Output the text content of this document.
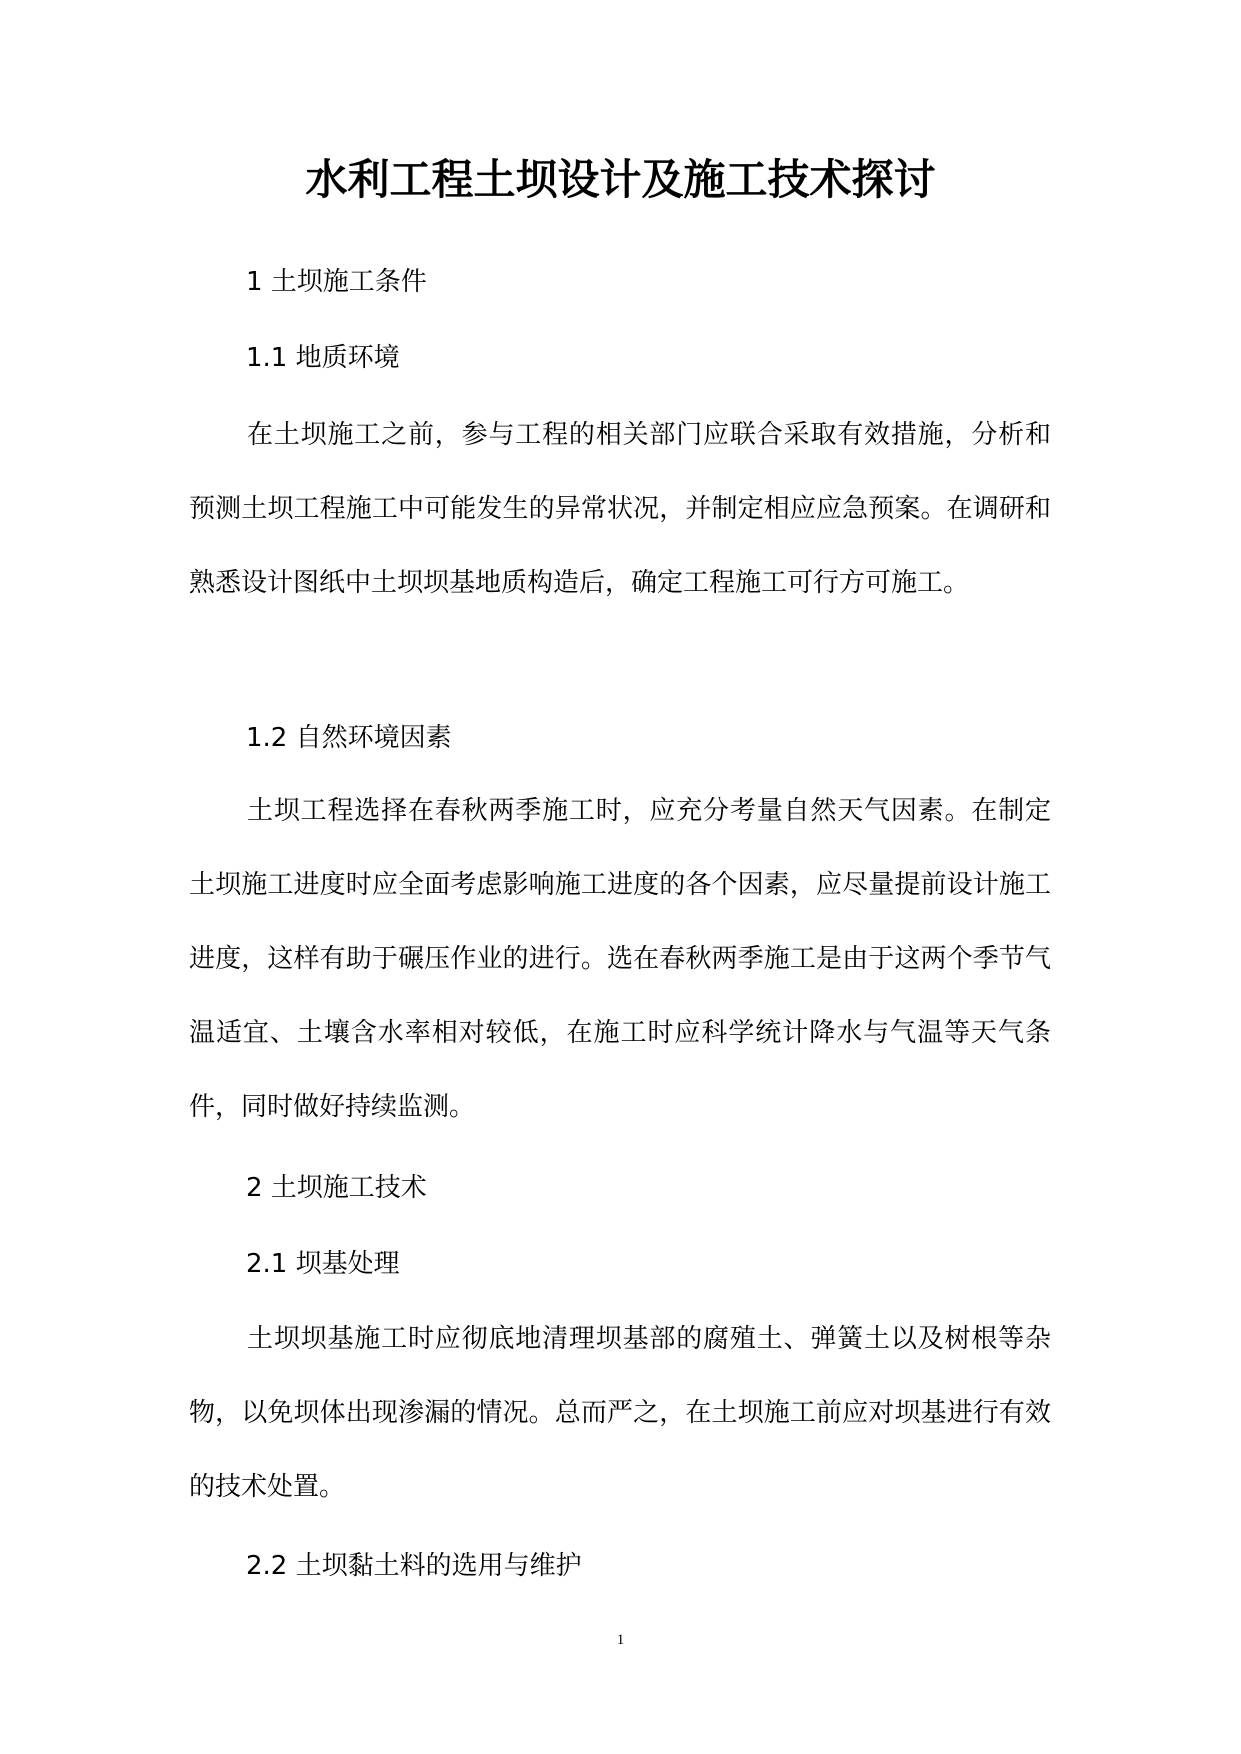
水利工程土坝设计及施工技术探讨

1 土坝施工条件

1.1 地质环境

在土坝施工之前，参与工程的相关部门应联合采取有效措施，分析和预测土坝工程施工中可能发生的异常状况，并制定相应应急预案。在调研和熟悉设计图纸中土坝坝基地质构造后，确定工程施工可行方可施工。

1.2 自然环境因素

土坝工程选择在春秋两季施工时，应充分考量自然天气因素。在制定土坝施工进度时应全面考虑影响施工进度的各个因素，应尽量提前设计施工进度，这样有助于碾压作业的进行。选在春秋两季施工是由于这两个季节气温适宜、土壤含水率相对较低，在施工时应科学统计降水与气温等天气条件，同时做好持续监测。

2 土坝施工技术

2.1 坝基处理

土坝坝基施工时应彻底地清理坝基部的腐殖土、弹簧土以及树根等杂物，以免坝体出现渗漏的情况。总而严之，在土坝施工前应对坝基进行有效的技术处置。

2.2 土坝黏土料的选用与维护

1
